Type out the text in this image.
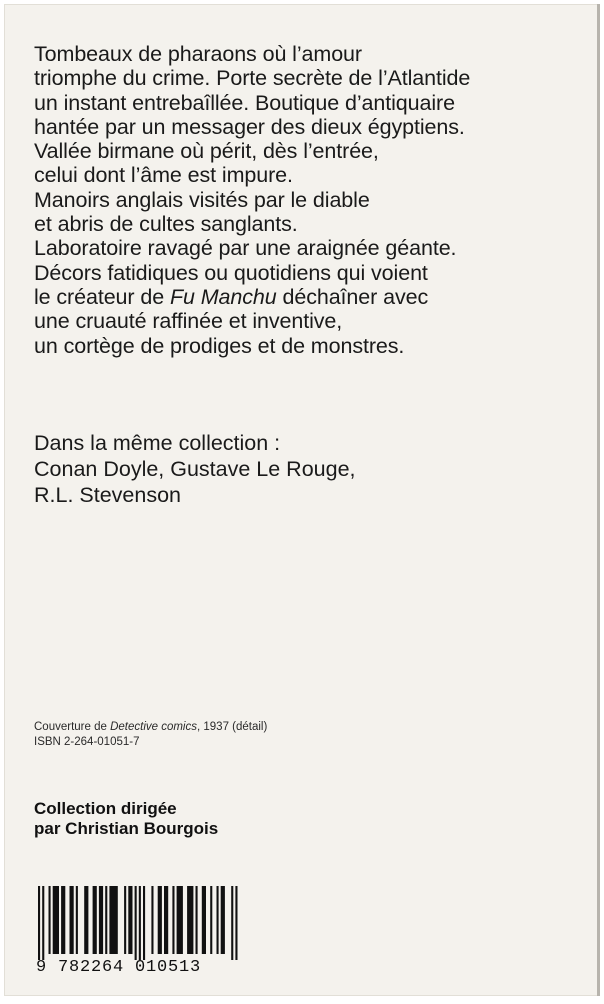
Tombeaux de pharaons où l’amour
triomphe du crime. Porte secrète de l’Atlantide
un instant entrebaîllée. Boutique d’antiquaire
hantée par un messager des dieux égyptiens.
Vallée birmane où périt, dès l’entrée,
celui dont l’âme est impure.
Manoirs anglais visités par le diable
et abris de cultes sanglants.
Laboratoire ravagé par une araignée géante.
Décors fatidiques ou quotidiens qui voient
le créateur de Fu Manchu déchaîner avec
une cruauté raffinée et inventive,
un cortège de prodiges et de monstres.
Dans la même collection :
Conan Doyle, Gustave Le Rouge,
R.L. Stevenson
Couverture de Detective comics, 1937 (détail)
ISBN 2-264-01051-7
Collection dirigée
par Christian Bourgois
9 782264 010513
